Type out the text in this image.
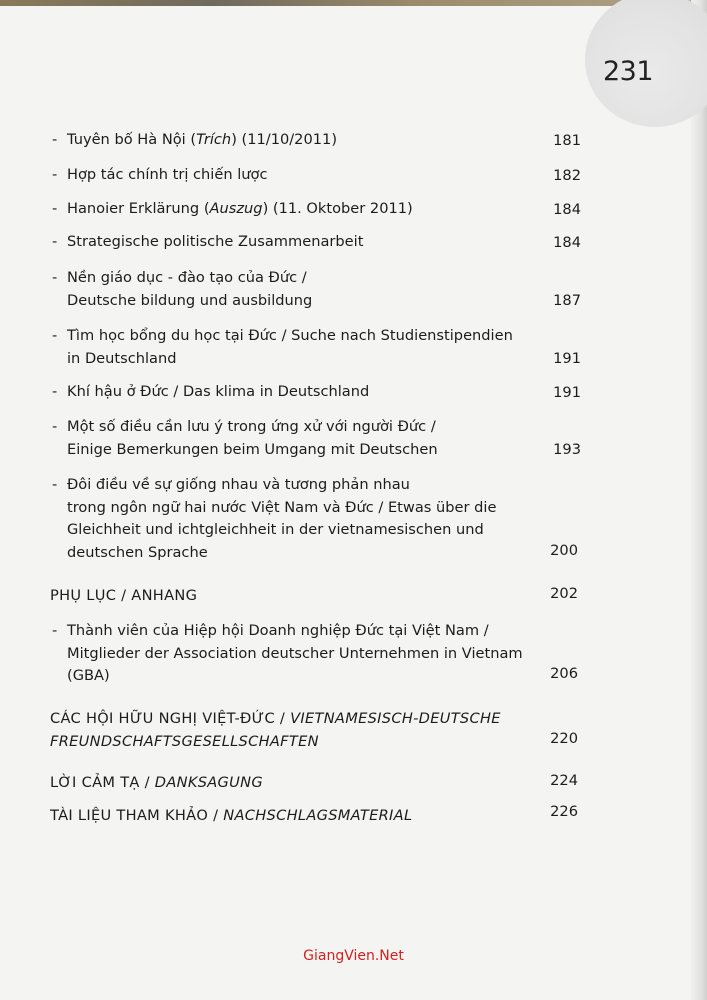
231
- Tuyên bố Hà Nội (Trích) (11/10/2011)	181
- Hợp tác chính trị chiến lược	182
- Hanoier Erklärung (Auszug) (11. Oktober 2011)	184
- Strategische politische Zusammenarbeit	184
- Nền giáo dục - đào tạo của Đức /
Deutsche bildung und ausbildung	187
- Tìm học bổng du học tại Đức / Suche nach Studienstipendien
in Deutschland	191
- Khí hậu ở Đức / Das klima in Deutschland	191
- Một số điều cần lưu ý trong ứng xử với người Đức /
Einige Bemerkungen beim Umgang mit Deutschen	193
- Đôi điều về sự giống nhau và tương phản nhau
trong ngôn ngữ hai nước Việt Nam và Đức / Etwas über die
Gleichheit und ichtgleichheit in der vietnamesischen und
deutschen Sprache	200
PHỤ LỤC / ANHANG	202
- Thành viên của Hiệp hội Doanh nghiệp Đức tại Việt Nam /
Mitglieder der Association deutscher Unternehmen in Vietnam
(GBA)	206
CÁC HỘI HỮU NGHỊ VIỆT-ĐỨC / VIETNAMESISCH-DEUTSCHE
FREUNDSCHAFTSGESELLSCHAFTEN	220
LỜI CẢM TẠ / DANKSAGUNG	224
TÀI LIỆU THAM KHẢO / NACHSCHLAGSMATERIAL	226
GiangVien.Net
